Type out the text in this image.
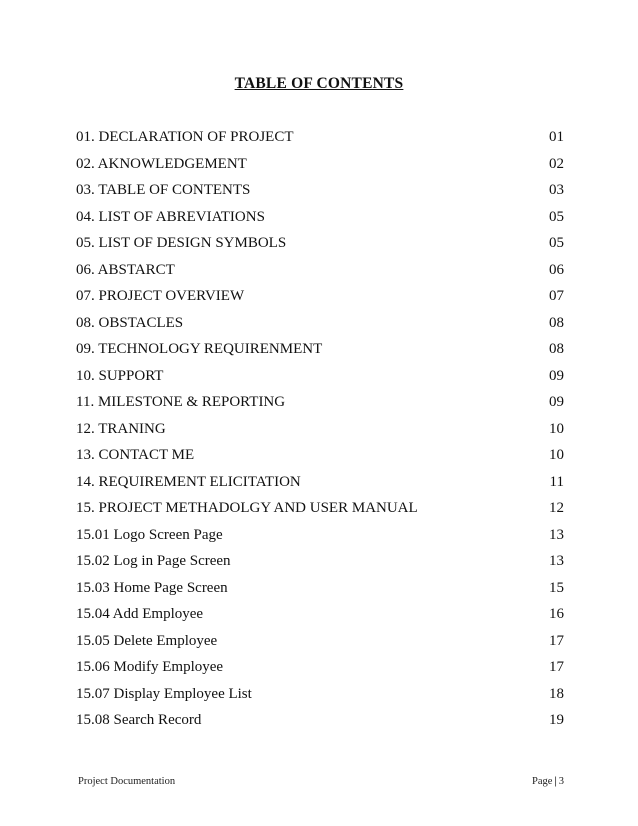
TABLE OF CONTENTS
01. DECLARATION OF PROJECT	01
02. AKNOWLEDGEMENT	02
03. TABLE OF CONTENTS	03
04. LIST OF ABREVIATIONS	05
05. LIST OF DESIGN SYMBOLS	05
06. ABSTARCT	06
07. PROJECT OVERVIEW	07
08. OBSTACLES	08
09. TECHNOLOGY REQUIRENMENT	08
10. SUPPORT	09
11. MILESTONE & REPORTING	09
12. TRANING	10
13. CONTACT ME	10
14. REQUIREMENT ELICITATION	11
15. PROJECT METHADOLGY AND USER MANUAL	12
15.01 Logo Screen Page	13
15.02 Log in Page Screen	13
15.03 Home Page Screen	15
15.04 Add Employee	16
15.05 Delete Employee	17
15.06 Modify Employee	17
15.07 Display Employee List	18
15.08 Search Record	19
Project Documentation	Page | 3
